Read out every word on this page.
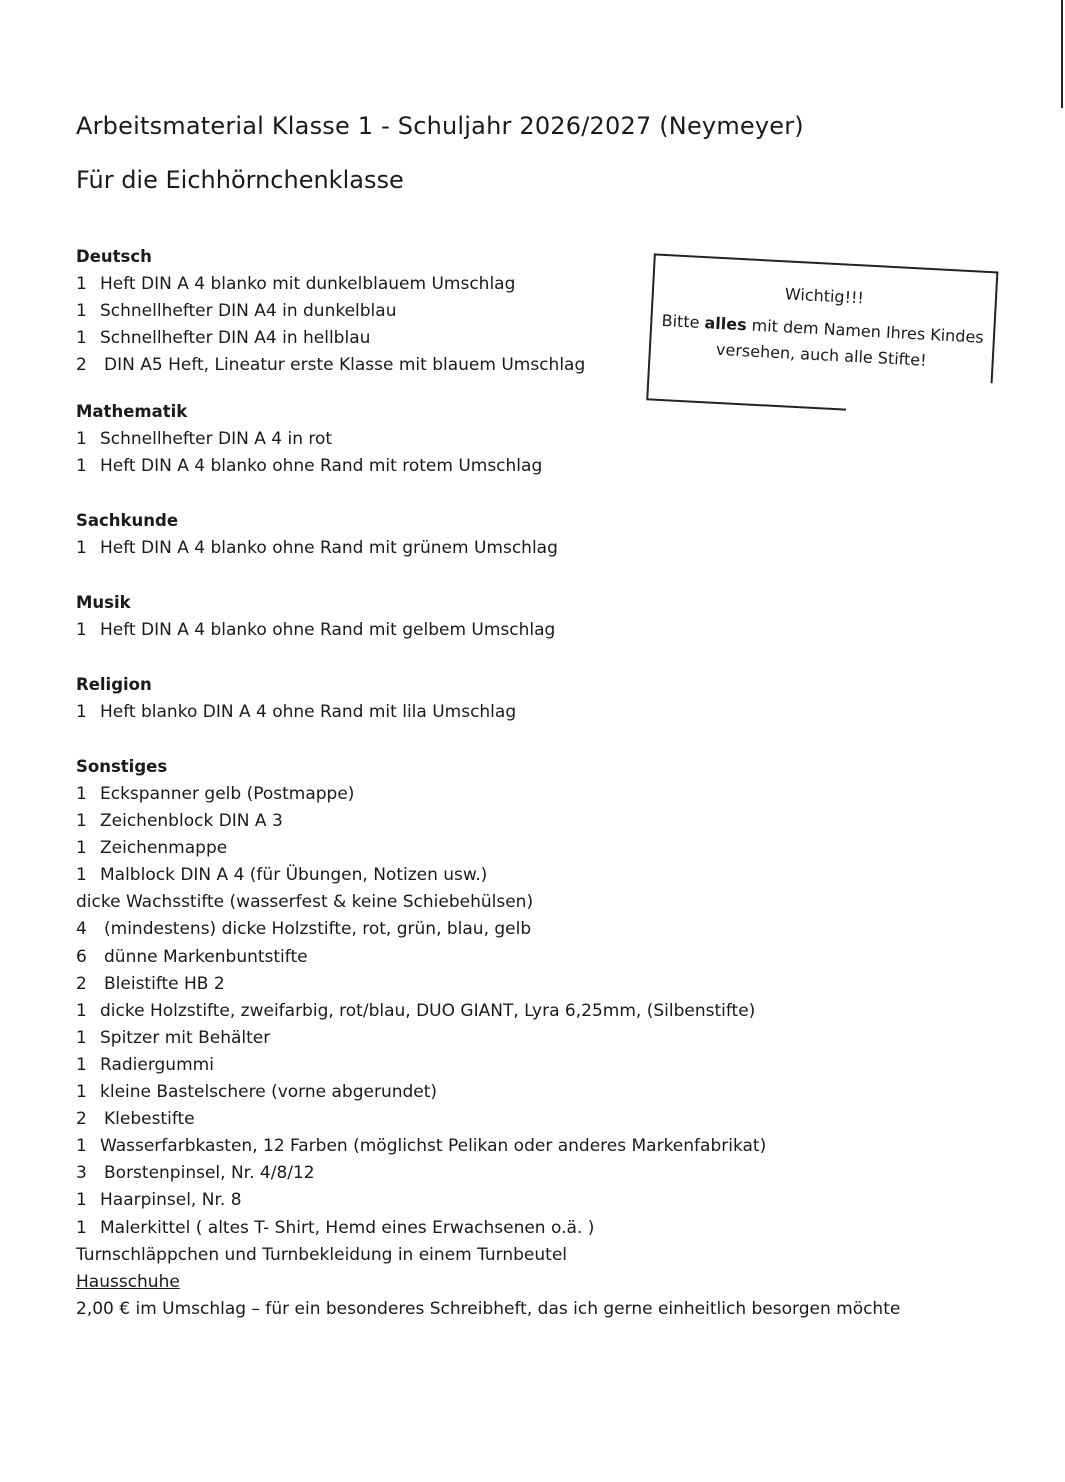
Arbeitsmaterial Klasse 1 - Schuljahr 2026/2027 (Neymeyer)
Für die Eichhörnchenklasse
Wichtig!!!
Bitte alles mit dem Namen Ihres Kindes versehen, auch alle Stifte!
Deutsch
1 Heft DIN A 4 blanko mit dunkelblauem Umschlag
1 Schnellhefter DIN A4 in dunkelblau
1 Schnellhefter DIN A4 in hellblau
2 DIN A5 Heft, Lineatur erste Klasse mit blauem Umschlag
Mathematik
1 Schnellhefter DIN A 4 in rot
1 Heft DIN A 4 blanko ohne Rand mit rotem Umschlag
Sachkunde
1 Heft DIN A 4 blanko ohne Rand mit grünem Umschlag
Musik
1 Heft DIN A 4 blanko ohne Rand mit gelbem Umschlag
Religion
1 Heft blanko DIN A 4 ohne Rand mit lila Umschlag
Sonstiges
1 Eckspanner gelb (Postmappe)
1 Zeichenblock DIN A 3
1 Zeichenmappe
1 Malblock DIN A 4 (für Übungen, Notizen usw.)
dicke Wachsstifte (wasserfest & keine Schiebehülsen)
4 (mindestens) dicke Holzstifte, rot, grün, blau, gelb
6 dünne Markenbuntstifte
2 Bleistifte HB 2
1 dicke Holzstifte, zweifarbig, rot/blau, DUO GIANT, Lyra 6,25mm, (Silbenstifte)
1 Spitzer mit Behälter
1 Radiergummi
1 kleine Bastelschere (vorne abgerundet)
2 Klebestifte
1 Wasserfarbkasten, 12 Farben (möglichst Pelikan oder anderes Markenfabrikat)
3 Borstenpinsel, Nr. 4/8/12
1 Haarpinsel, Nr. 8
1 Malerkittel ( altes T- Shirt, Hemd eines Erwachsenen o.ä. )
Turnschläppchen und Turnbekleidung in einem Turnbeutel
Hausschuhe
2,00 € im Umschlag – für ein besonderes Schreibheft, das ich gerne einheitlich besorgen möchte
